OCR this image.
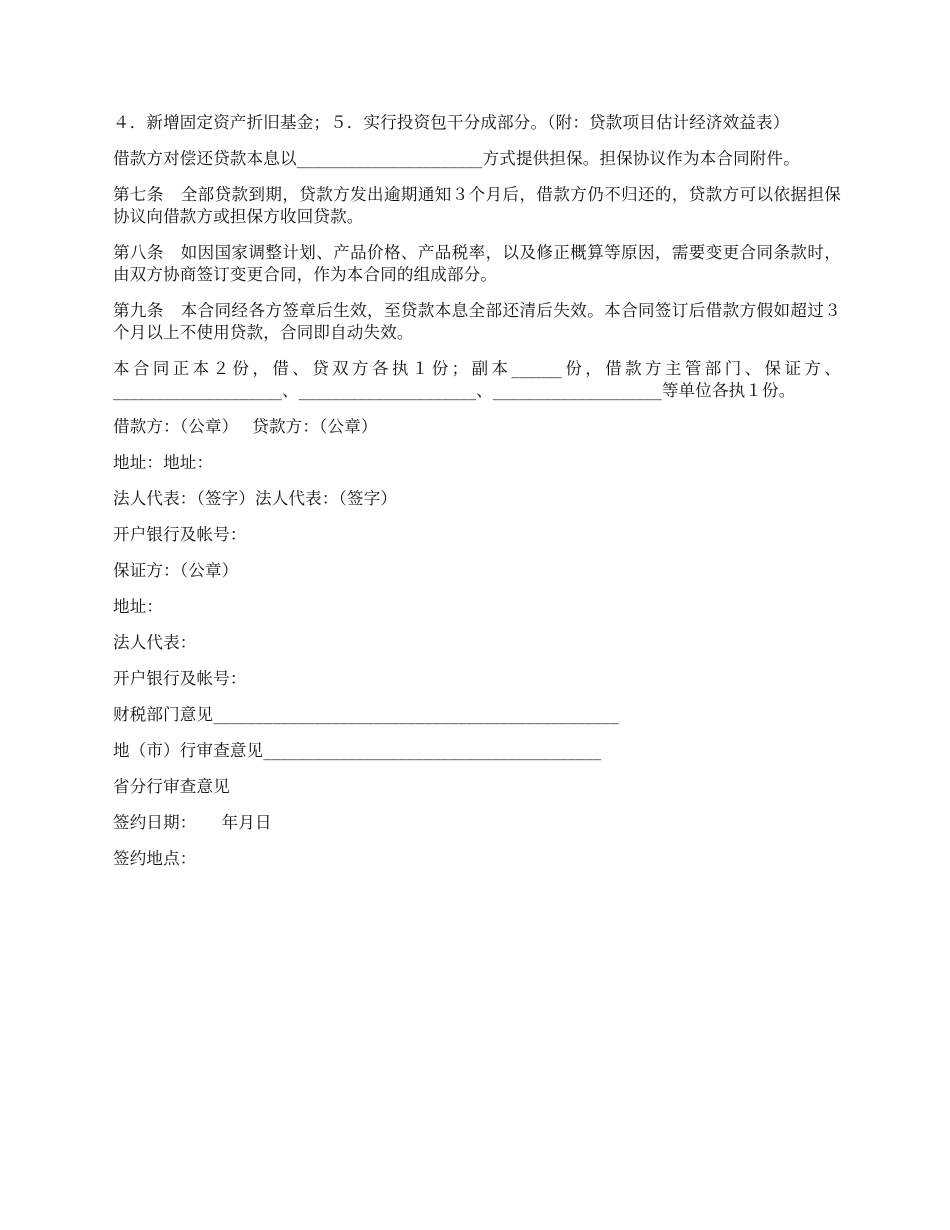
４．新增固定资产折旧基金；５．实行投资包干分成部分。（附：贷款项目估计经济效益表）

借款方对偿还贷款本息以______________________方式提供担保。担保协议作为本合同附件。

第七条　全部贷款到期，贷款方发出逾期通知３个月后，借款方仍不归还的，贷款方可以依据担保协议向借款方或担保方收回贷款。

第八条　如因国家调整计划、产品价格、产品税率，以及修正概算等原因，需要变更合同条款时，由双方协商签订变更合同，作为本合同的组成部分。

第九条　本合同经各方签章后生效，至贷款本息全部还清后失效。本合同签订后借款方假如超过３个月以上不使用贷款，合同即自动失效。

本合同正本２份，借、贷双方各执１份；副本______份，借款方主管部门、保证方、____________________、_____________________、____________________等单位各执１份。

借款方：（公章）　 贷款方：（公章）
地址：地址：
法人代表：（签字）法人代表：（签字）
开户银行及帐号：
保证方：（公章）
地址：
法人代表：
开户银行及帐号：
财税部门意见________________________________________________
地（市）行审查意见________________________________________
省分行审查意见
签约日期：　　年月日
签约地点：
